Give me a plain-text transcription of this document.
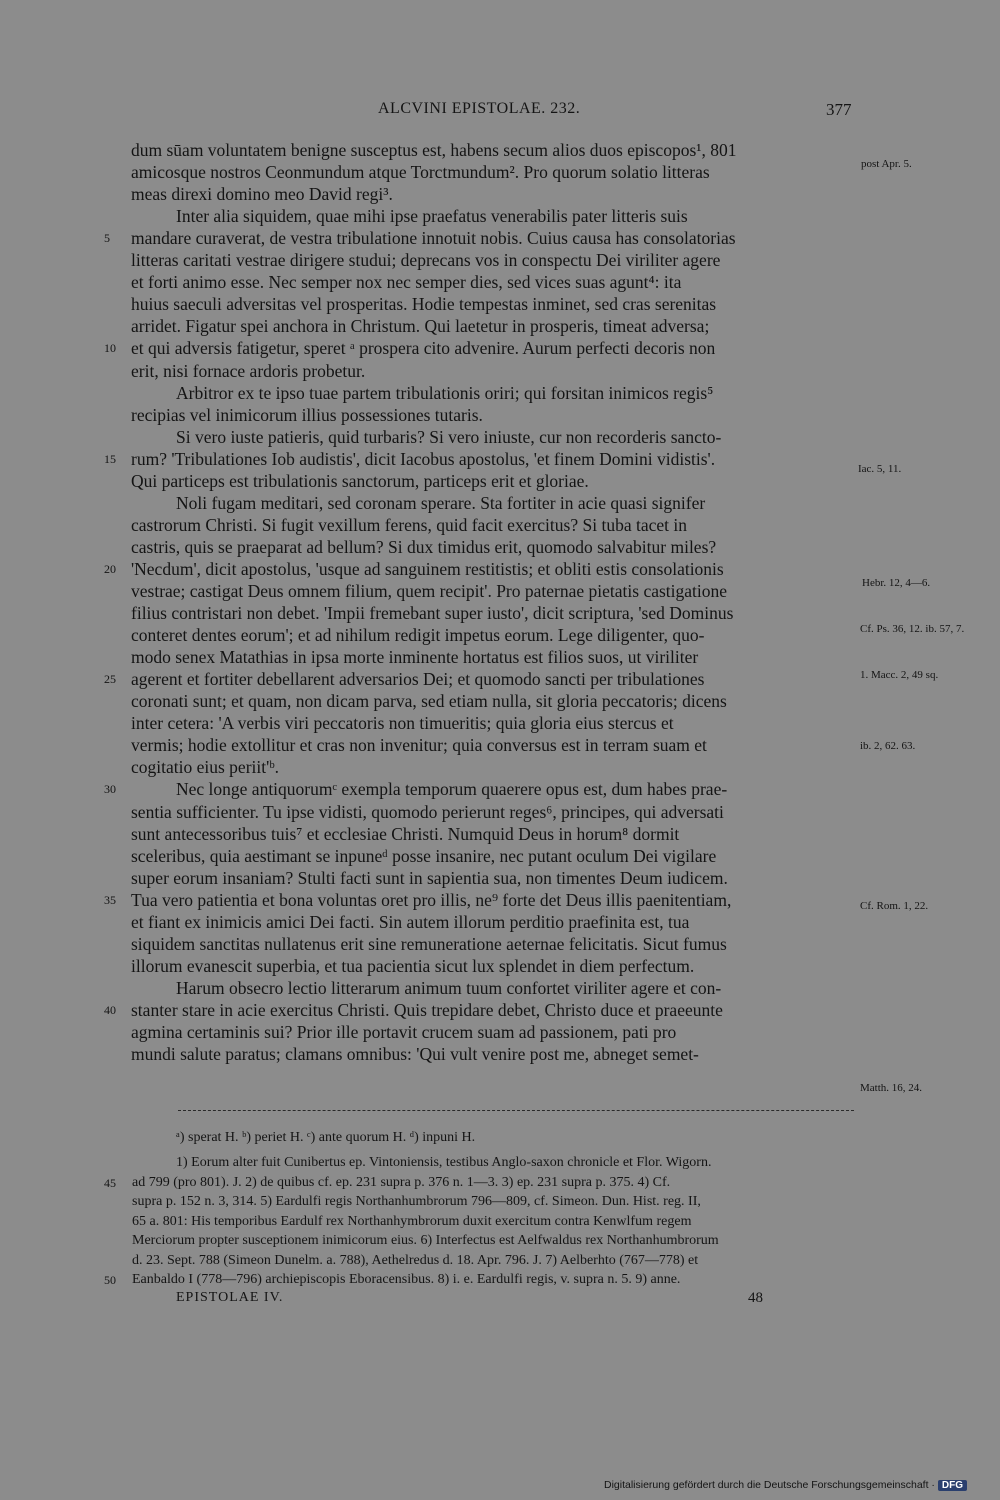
ALCVINI EPISTOLAE. 232.	377
dum sūam voluntatem benigne susceptus est, habens secum alios duos episcopos¹, 801
amicosque nostros Ceonmundum atque Torctmundum². Pro quorum solatio litteras
meas direxi domino meo David regi³.
Inter alia siquidem, quae mihi ipse praefatus venerabilis pater litteris suis
mandare curaverat, de vestra tribulatione innotuit nobis. Cuius causa has consolatorias
litteras caritati vestrae dirigere studui; deprecans vos in conspectu Dei viriliter agere
et forti animo esse. Nec semper nox nec semper dies, sed vices suas agunt⁴: ita
huius saeculi adversitas vel prosperitas. Hodie tempestas inminet, sed cras serenitas
arridet. Figatur spei anchora in Christum. Qui laetetur in prosperis, timeat adversa;
et qui adversis fatigetur, speret ᵃ prospera cito advenire. Aurum perfecti decoris non
erit, nisi fornace ardoris probetur.
Arbitror ex te ipso tuae partem tribulationis oriri; qui forsitan inimicos regis⁵
recipias vel inimicorum illius possessiones tutaris.
Si vero iuste patieris, quid turbaris? Si vero iniuste, cur non recorderis sancto-
rum? 'Tribulationes Iob audistis', dicit Iacobus apostolus, 'et finem Domini vidistis'.
Qui particeps est tribulationis sanctorum, particeps erit et gloriae.
Noli fugam meditari, sed coronam sperare. Sta fortiter in acie quasi signifer
castrorum Christi. Si fugit vexillum ferens, quid facit exercitus? Si tuba tacet in
castris, quis se praeparat ad bellum? Si dux timidus erit, quomodo salvabitur miles?
'Necdum', dicit apostolus, 'usque ad sanguinem restitistis; et obliti estis consolationis
vestrae; castigat Deus omnem filium, quem recipit'. Pro paternae pietatis castigatione
filius contristari non debet. 'Impii fremebant super iusto', dicit scriptura, 'sed Dominus
conteret dentes eorum'; et ad nihilum redigit impetus eorum. Lege diligenter, quo-
modo senex Matathias in ipsa morte inminente hortatus est filios suos, ut viriliter
agerent et fortiter debellarent adversarios Dei; et quomodo sancti per tribulationes
coronati sunt; et quam, non dicam parva, sed etiam nulla, sit gloria peccatoris; dicens
inter cetera: 'A verbis viri peccatoris non timueritis; quia gloria eius stercus et
vermis; hodie extollitur et cras non invenitur; quia conversus est in terram suam et
cogitatio eius periit'ᵇ.
Nec longe antiquorumᶜ exempla temporum quaerere opus est, dum habes prae-
sentia sufficienter. Tu ipse vidisti, quomodo perierunt reges⁶, principes, qui adversati
sunt antecessoribus tuis⁷ et ecclesiae Christi. Numquid Deus in horum⁸ dormit
sceleribus, quia aestimant se inpuneᵈ posse insanire, nec putant oculum Dei vigilare
super eorum insaniam? Stulti facti sunt in sapientia sua, non timentes Deum iudicem.
Tua vero patientia et bona voluntas oret pro illis, ne⁹ forte det Deus illis paenitentiam,
et fiant ex inimicis amici Dei facti. Sin autem illorum perditio praefinita est, tua
siquidem sanctitas nullatenus erit sine remuneratione aeternae felicitatis. Sicut fumus
illorum evanescit superbia, et tua pacientia sicut lux splendet in diem perfectum.
Harum obsecro lectio litterarum animum tuum confortet viriliter agere et con-
stanter stare in acie exercitus Christi. Quis trepidare debet, Christo duce et praeeunte
agmina certaminis sui? Prior ille portavit crucem suam ad passionem, pati pro
mundi salute paratus; clamans omnibus: 'Qui vult venire post me, abneget semet-
5
10
15
20
25
30
35
40
post Apr. 5.
Iac. 5, 11.
Hebr. 12, 4—6.
Cf. Ps. 36, 12. ib. 57, 7.
1. Macc. 2, 49 sq.
ib. 2, 62. 63.
Cf. Rom. 1, 22.
Matth. 16, 24.
ᵃ) sperat H. ᵇ) periet H. ᶜ) ante quorum H. ᵈ) inpuni H.
1) Eorum alter fuit Cunibertus ep. Vintoniensis, testibus Anglo-saxon chronicle et Flor. Wigorn.
ad 799 (pro 801). J. 2) de quibus cf. ep. 231 supra p. 376 n. 1—3. 3) ep. 231 supra p. 375. 4) Cf.
supra p. 152 n. 3, 314. 5) Eardulfi regis Northanhumbrorum 796—809, cf. Simeon. Dun. Hist. reg. II,
65 a. 801: His temporibus Eardulf rex Northanhymbrorum duxit exercitum contra Kenwlfum regem
Merciorum propter susceptionem inimicorum eius. 6) Interfectus est Aelfwaldus rex Northanhumbrorum
d. 23. Sept. 788 (Simeon Dunelm. a. 788), Aethelredus d. 18. Apr. 796. J. 7) Aelberhto (767—778) et
Eanbaldo I (778—796) archiepiscopis Eboracensibus. 8) i. e. Eardulfi regis, v. supra n. 5. 9) anne.
45
50
EPISTOLAE IV.	48
Digitalisierung gefördert durch die Deutsche Forschungsgemeinschaft · DFG
